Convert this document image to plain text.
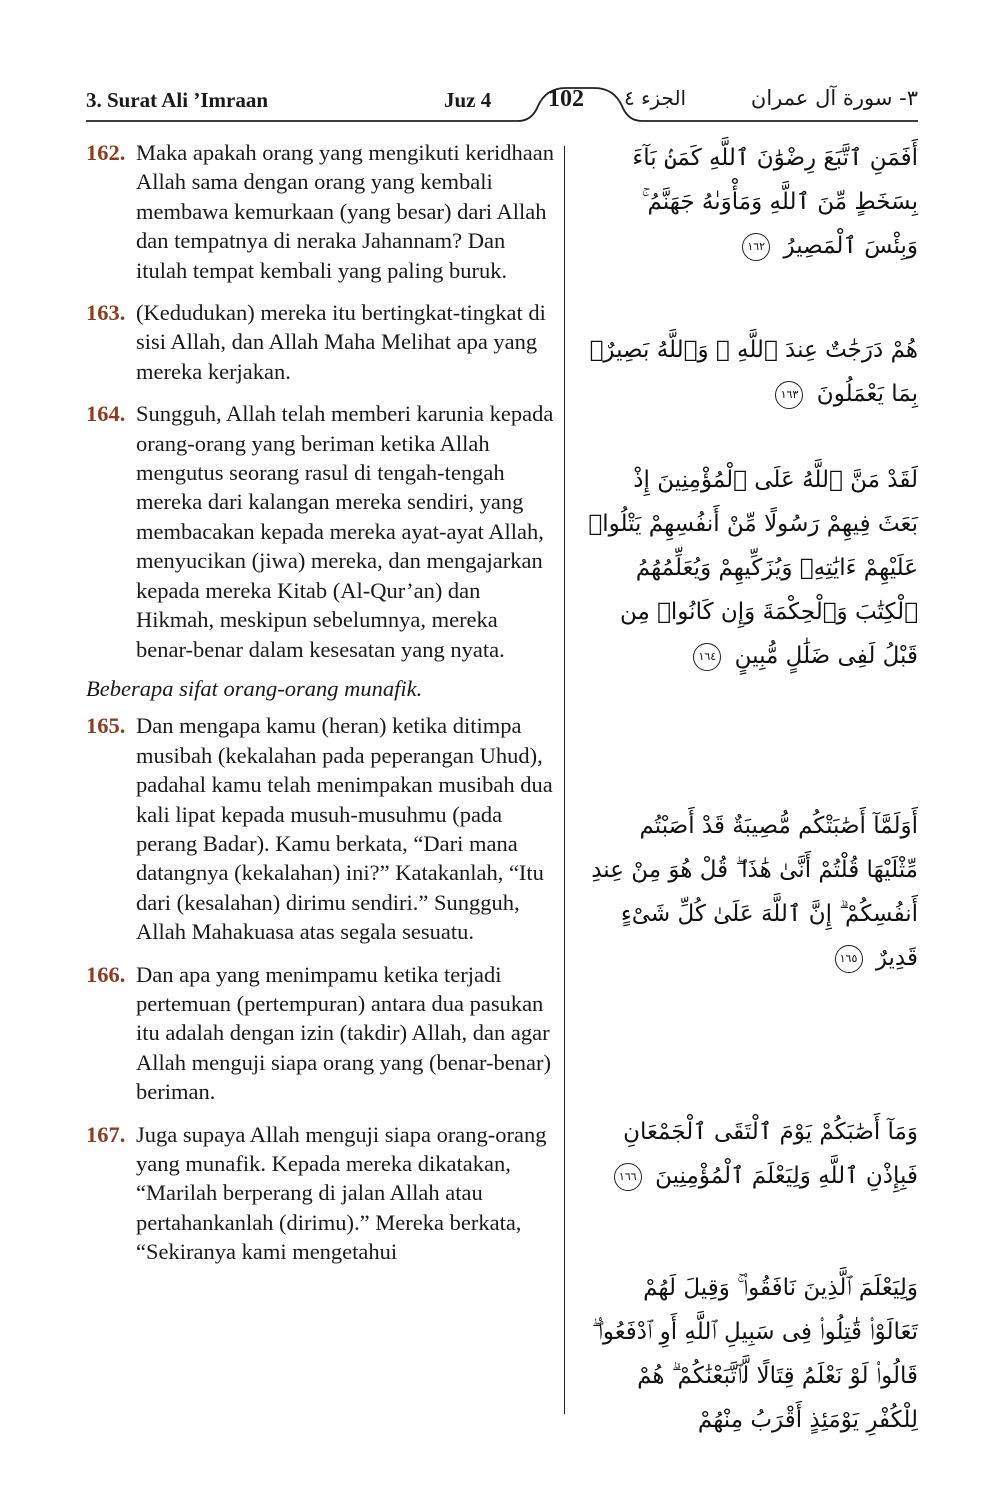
3. Surat Ali ’Imraan	Juz 4	102	الجزء ٤	٣- سورة آل عمران
162. Maka apakah orang yang mengikuti keridhaan Allah sama dengan orang yang kembali membawa kemurkaan (yang besar) dari Allah dan tempatnya di neraka Jahannam? Dan itulah tempat kembali yang paling buruk.
163. (Kedudukan) mereka itu bertingkat-tingkat di sisi Allah, dan Allah Maha Melihat apa yang mereka kerjakan.
164. Sungguh, Allah telah memberi karunia kepada orang-orang yang beriman ketika Allah mengutus seorang rasul di tengah-tengah mereka dari kalangan mereka sendiri, yang membacakan kepada mereka ayat-ayat Allah, menyucikan (jiwa) mereka, dan mengajarkan kepada mereka Kitab (Al-Qur’an) dan Hikmah, meskipun sebelumnya, mereka benar-benar dalam kesesatan yang nyata.
Beberapa sifat orang-orang munafik.
165. Dan mengapa kamu (heran) ketika ditimpa musibah (kekalahan pada peperangan Uhud), padahal kamu telah menimpakan musibah dua kali lipat kepada musuh-musuhmu (pada perang Badar). Kamu berkata, “Dari mana datangnya (kekalahan) ini?” Katakanlah, “Itu dari (kesalahan) dirimu sendiri.” Sungguh, Allah Mahakuasa atas segala sesuatu.
166. Dan apa yang menimpamu ketika terjadi pertemuan (pertempuran) antara dua pasukan itu adalah dengan izin (takdir) Allah, dan agar Allah menguji siapa orang yang (benar-benar) beriman.
167. Juga supaya Allah menguji siapa orang-orang yang munafik. Kepada mereka dikatakan, “Marilah berperang di jalan Allah atau pertahankanlah (dirimu).” Mereka berkata, “Sekiranya kami mengetahui
أَفَمَنِ ٱتَّبَعَ رِضْوَٰنَ ٱللَّهِ كَمَنۢ بَآءَ بِسَخَطٍ مِّنَ ٱللَّهِ وَمَأْوَىٰهُ جَهَنَّمُ ۚ وَبِئْسَ ٱلْمَصِيرُ ١٦٢
هُمْ دَرَجَٰتٌ عِندَ ٱللَّهِ ۗ وَٱللَّهُ بَصِيرٌۢ بِمَا يَعْمَلُونَ ١٦٣
لَقَدْ مَنَّ ٱللَّهُ عَلَى ٱلْمُؤْمِنِينَ إِذْ بَعَثَ فِيهِمْ رَسُولًا مِّنْ أَنفُسِهِمْ يَتْلُوا۟ عَلَيْهِمْ ءَايَٰتِهِۦ وَيُزَكِّيهِمْ وَيُعَلِّمُهُمُ ٱلْكِتَٰبَ وَٱلْحِكْمَةَ وَإِن كَانُوا۟ مِن قَبْلُ لَفِى ضَلَٰلٍ مُّبِينٍ ١٦٤
أَوَلَمَّآ أَصَٰبَتْكُم مُّصِيبَةٌ قَدْ أَصَبْتُم مِّثْلَيْهَا قُلْتُمْ أَنَّىٰ هَٰذَا ۖ قُلْ هُوَ مِنْ عِندِ أَنفُسِكُمْ ۗ إِنَّ ٱللَّهَ عَلَىٰ كُلِّ شَىْءٍ قَدِيرٌ ١٦٥
وَمَآ أَصَٰبَكُمْ يَوْمَ ٱلْتَقَى ٱلْجَمْعَانِ فَبِإِذْنِ ٱللَّهِ وَلِيَعْلَمَ ٱلْمُؤْمِنِينَ ١٦٦
وَلِيَعْلَمَ ٱلَّذِينَ نَافَقُوا۟ ۚ وَقِيلَ لَهُمْ تَعَالَوْا۟ قَٰتِلُوا۟ فِى سَبِيلِ ٱللَّهِ أَوِ ٱدْفَعُوا۟ ۖ قَالُوا۟ لَوْ نَعْلَمُ قِتَالًا لَّٱتَّبَعْنَٰكُمْ ۗ هُمْ لِلْكُفْرِ يَوْمَئِذٍ أَقْرَبُ مِنْهُمْ
